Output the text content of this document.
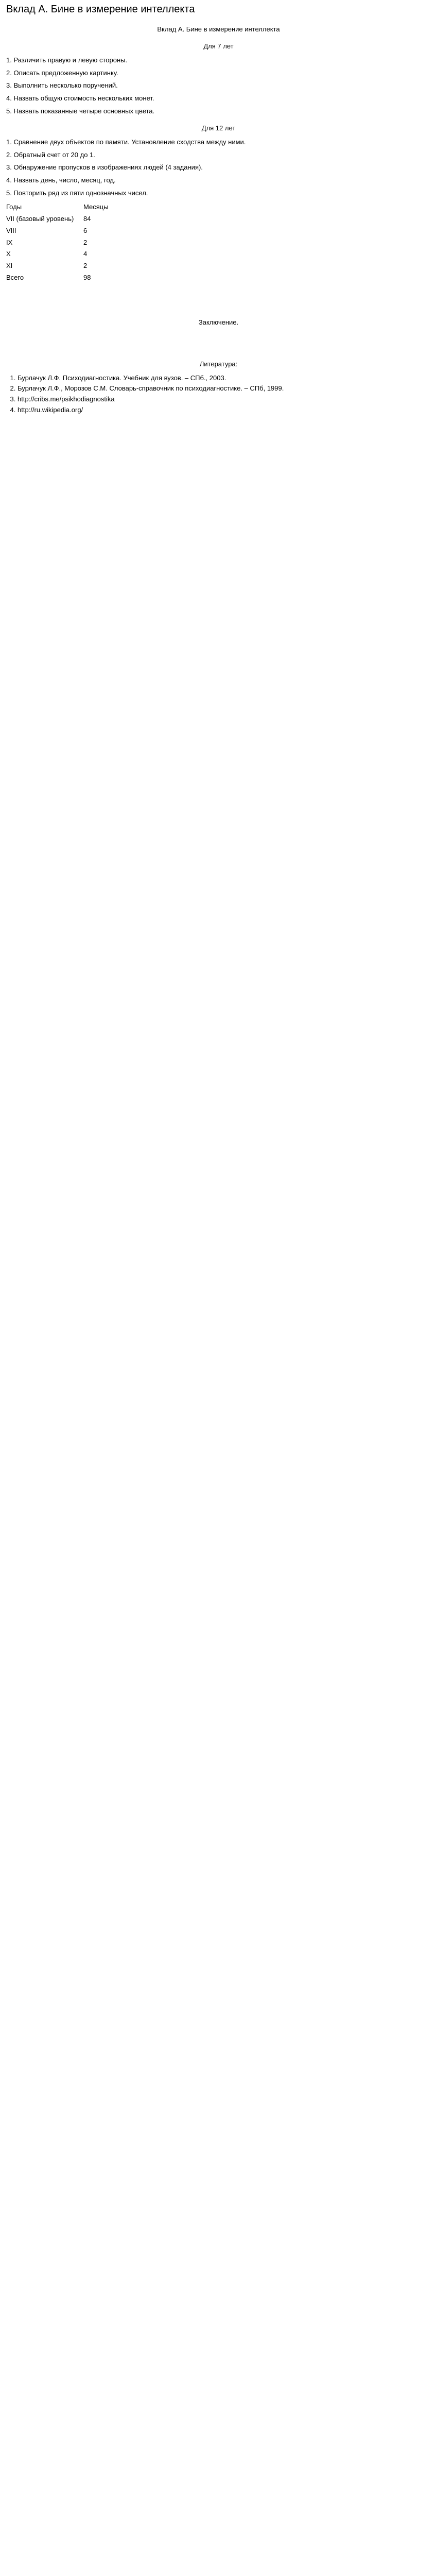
Вклад А. Бине в измерение интеллекта

Вклад А. Бине в измерение интеллекта

Для 7 лет

1. Различить правую и левую стороны.
2. Описать предложенную картинку.
3. Выполнить несколько поручений.
4. Назвать общую стоимость нескольких монет.
5. Назвать показанные четыре основных цвета.

Для 12 лет

1. Сравнение двух объектов по памяти. Установление сходства между ними.
2. Обратный счет от 20 до 1.
3. Обнаружение пропусков в изображениях людей (4 задания).
4. Назвать день, число, месяц, год.
5. Повторить ряд из пяти однозначных чисел.
Годы	Месяцы
VII (базовый уровень)	84
VIII	6
IX	2
X	4
XI	2
Всего	98

Заключение.

Литература:

1. Бурлачук Л.Ф. Психодиагностика. Учебник для вузов. – СПб., 2003.
2. Бурлачук Л.Ф., Морозов С.М. Словарь-справочник по психодиагностике. – СПб, 1999.
3. http://cribs.me/psikhodiagnostika
4. http://ru.wikipedia.org/
